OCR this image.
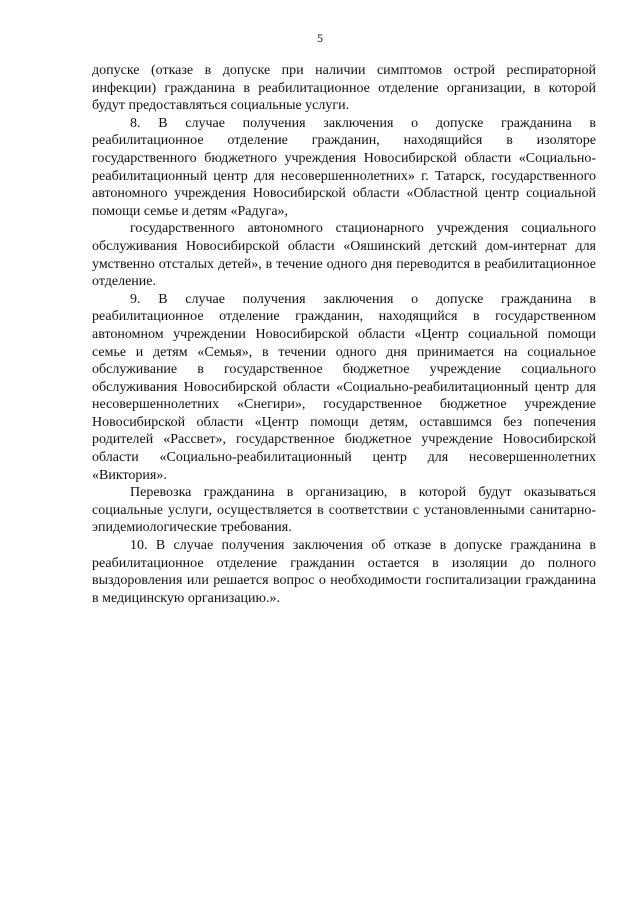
5

допуске (отказе в допуске при наличии симптомов острой респираторной инфекции) гражданина в реабилитационное отделение организации, в которой будут предоставляться социальные услуги.

8. В случае получения заключения о допуске гражданина в реабилитационное отделение гражданин, находящийся в изоляторе государственного бюджетного учреждения Новосибирской области «Социально-реабилитационный центр для несовершеннолетних» г. Татарск, государственного автономного учреждения Новосибирской области «Областной центр социальной помощи семье и детям «Радуга»,

государственного автономного стационарного учреждения социального обслуживания Новосибирской области «Ояшинский детский дом-интернат для умственно отсталых детей», в течение одного дня переводится в реабилитационное отделение.

9. В случае получения заключения о допуске гражданина в реабилитационное отделение гражданин, находящийся в государственном автономном учреждении Новосибирской области «Центр социальной помощи семье и детям «Семья», в течении одного дня принимается на социальное обслуживание в государственное бюджетное учреждение социального обслуживания Новосибирской области «Социально-реабилитационный центр для несовершеннолетних «Снегири», государственное бюджетное учреждение Новосибирской области «Центр помощи детям, оставшимся без попечения родителей «Рассвет», государственное бюджетное учреждение Новосибирской области «Социально-реабилитационный центр для несовершеннолетних «Виктория».

Перевозка гражданина в организацию, в которой будут оказываться социальные услуги, осуществляется в соответствии с установленными санитарно-эпидемиологические требования.

10. В случае получения заключения об отказе в допуске гражданина в реабилитационное отделение гражданин остается в изоляции до полного выздоровления или решается вопрос о необходимости госпитализации гражданина в медицинскую организацию.».
